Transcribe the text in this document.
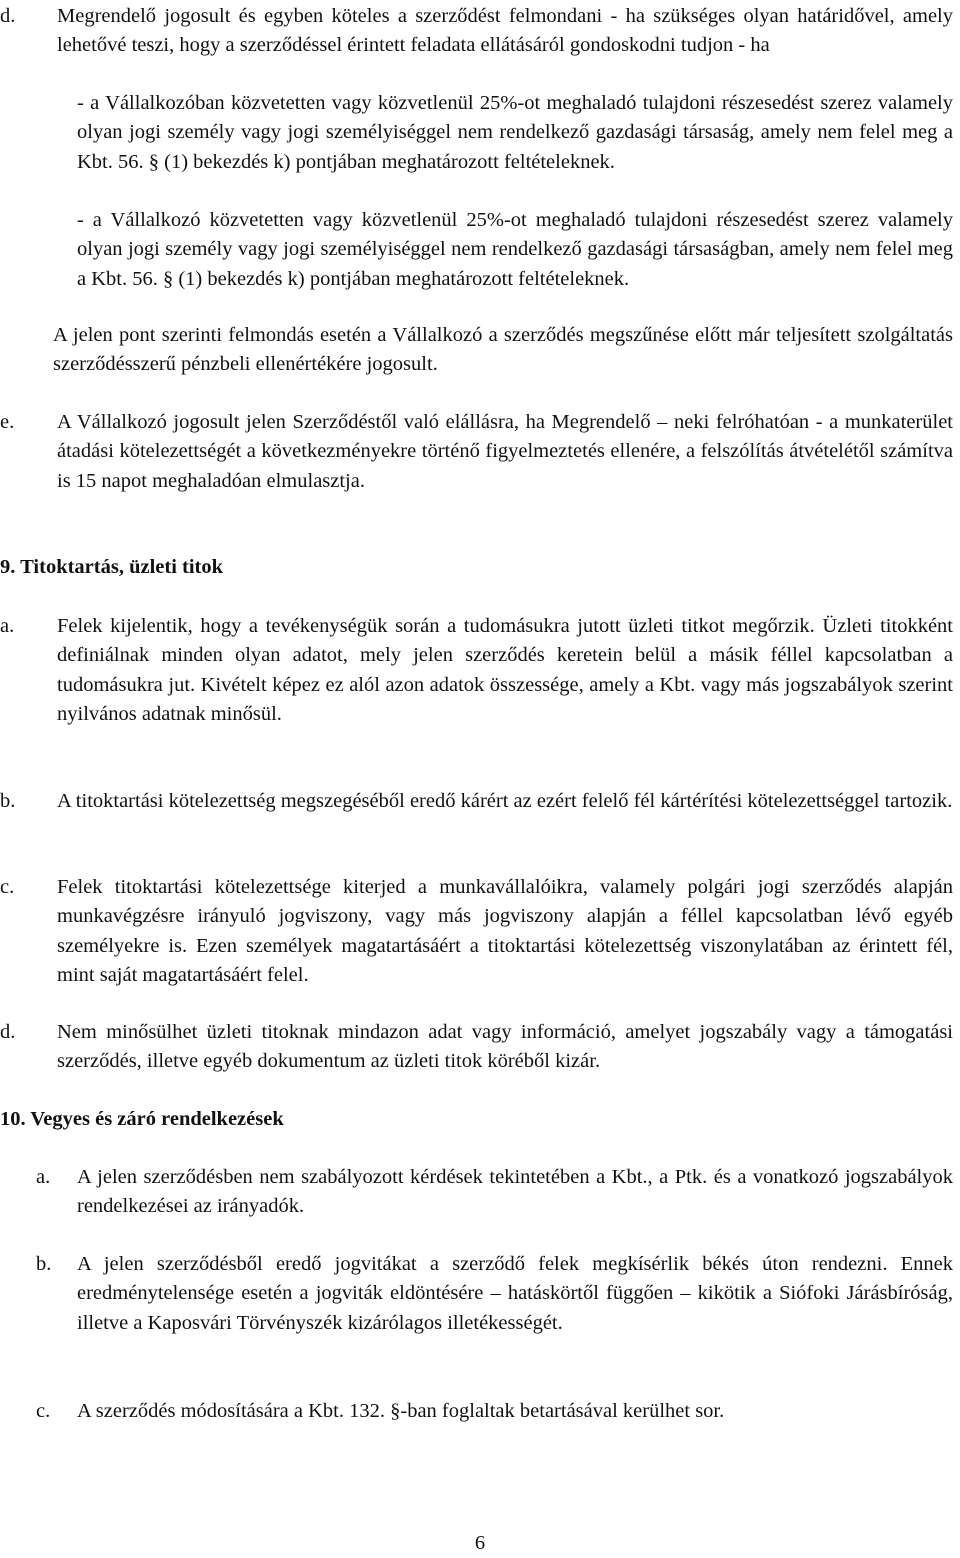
d. Megrendelő jogosult és egyben köteles a szerződést felmondani - ha szükséges olyan határidővel, amely lehetővé teszi, hogy a szerződéssel érintett feladata ellátásáról gondoskodni tudjon - ha

- a Vállalkozóban közvetetten vagy közvetlenül 25%-ot meghaladó tulajdoni részesedést szerez valamely olyan jogi személy vagy jogi személyiséggel nem rendelkező gazdasági társaság, amely nem felel meg a Kbt. 56. § (1) bekezdés k) pontjában meghatározott feltételeknek.

- a Vállalkozó közvetetten vagy közvetlenül 25%-ot meghaladó tulajdoni részesedést szerez valamely olyan jogi személy vagy jogi személyiséggel nem rendelkező gazdasági társaságban, amely nem felel meg a Kbt. 56. § (1) bekezdés k) pontjában meghatározott feltételeknek.

A jelen pont szerinti felmondás esetén a Vállalkozó a szerződés megszűnése előtt már teljesített szolgáltatás szerződésszerű pénzbeli ellenértékére jogosult.

e. A Vállalkozó jogosult jelen Szerződéstől való elállásra, ha Megrendelő – neki felróhatóan - a munkaterület átadási kötelezettségét a következményekre történő figyelmeztetés ellenére, a felszólítás átvételétől számítva is 15 napot meghaladóan elmulasztja.

9. Titoktartás, üzleti titok

a. Felek kijelentik, hogy a tevékenységük során a tudomásukra jutott üzleti titkot megőrzik. Üzleti titokként definiálnak minden olyan adatot, mely jelen szerződés keretein belül a másik féllel kapcsolatban a tudomásukra jut. Kivételt képez ez alól azon adatok összessége, amely a Kbt. vagy más jogszabályok szerint nyilvános adatnak minősül.

b. A titoktartási kötelezettség megszegéséből eredő kárért az ezért felelő fél kártérítési kötelezettséggel tartozik.

c. Felek titoktartási kötelezettsége kiterjed a munkavállalóikra, valamely polgári jogi szerződés alapján munkavégzésre irányuló jogviszony, vagy más jogviszony alapján a féllel kapcsolatban lévő egyéb személyekre is. Ezen személyek magatartásáért a titoktartási kötelezettség viszonylatában az érintett fél, mint saját magatartásáért felel.

d. Nem minősülhet üzleti titoknak mindazon adat vagy információ, amelyet jogszabály vagy a támogatási szerződés, illetve egyéb dokumentum az üzleti titok köréből kizár.

10. Vegyes és záró rendelkezések

a. A jelen szerződésben nem szabályozott kérdések tekintetében a Kbt., a Ptk. és a vonatkozó jogszabályok rendelkezései az irányadók.

b. A jelen szerződésből eredő jogvitákat a szerződő felek megkísérlik békés úton rendezni. Ennek eredménytelensége esetén a jogviták eldöntésére – hatáskörtől függően – kikötik a Siófoki Járásbíróság, illetve a Kaposvári Törvényszék kizárólagos illetékességét.

c. A szerződés módosítására a Kbt. 132. §-ban foglaltak betartásával kerülhet sor.

6
